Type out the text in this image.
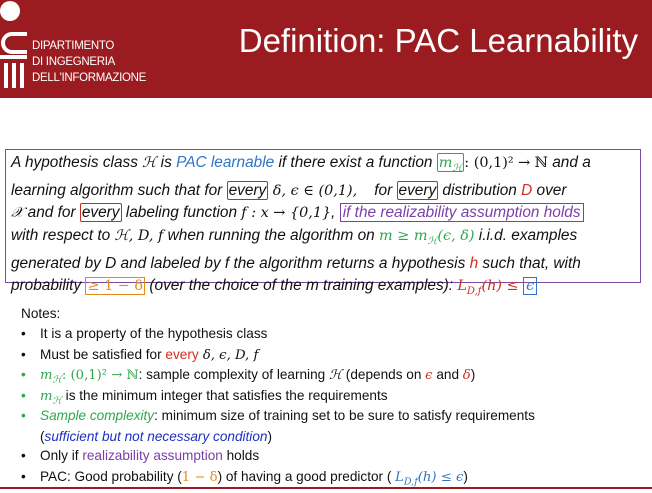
DIPARTIMENTO
DI INGEGNERIA
DELL'INFORMAZIONE
Definition: PAC Learnability
A hypothesis class ℋ is PAC learnable if there exist a function $m_ℋ$ : (0,1)² → ℕ and a
learning algorithm such that for every δ, ϵ ∈ (0,1),    for every distribution D over
𝒳 and for every labeling function f : x → {0,1}, if the realizability assumption holds
with respect to ℋ, D, f when running the algorithm on $m \ge m_ℋ(\epsilon$, δ) i.i.d. examples
generated by D and labeled by f the algorithm returns a hypothesis h such that, with
probability ≥ 1 − δ (over the choice of the m training examples): $L_{D,f}(h) \le \epsilon$
Notes:
• It is a property of the hypothesis class
• Must be satisfied for every δ, ϵ, D, f
• $m_ℋ$: (0,1)² → ℕ: sample complexity of learning ℋ (depends on ϵ and δ)
• $m_ℋ$ is the minimum integer that satisfies the requirements
• Sample complexity: minimum size of training set to be sure to satisfy requirements
(sufficient but not necessary condition)
• Only if realizability assumption holds
• PAC: Good probability (1 − δ) of having a good predictor ( $L_{D,f}(h) \le \epsilon$)
